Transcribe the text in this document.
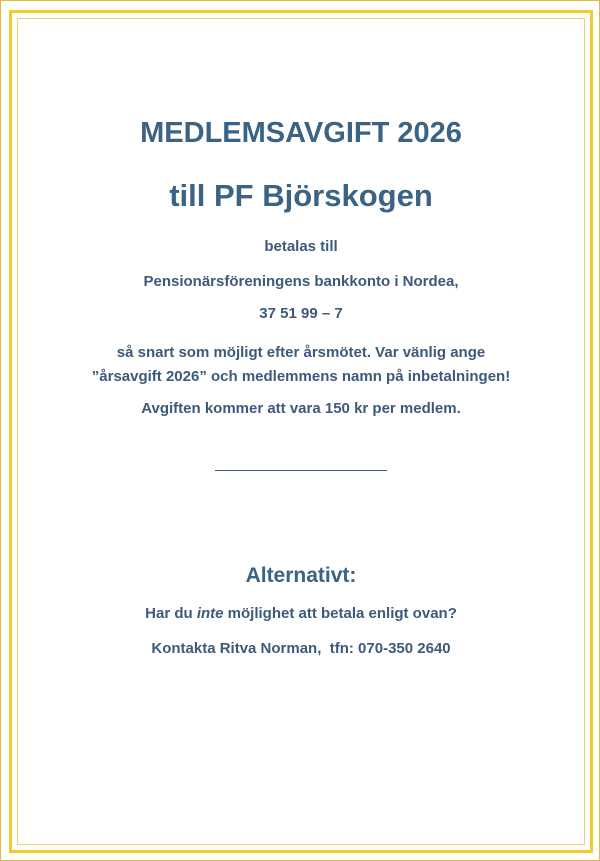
MEDLEMSAVGIFT 2026
till PF Björskogen
betalas till
Pensionärsföreningens bankkonto i Nordea,
37 51 99 – 7
så snart som möjligt efter årsmötet. Var vänlig ange
”årsavgift 2026” och medlemmens namn på inbetalningen!
Avgiften kommer att vara 150 kr per medlem.
Alternativt:
Har du inte möjlighet att betala enligt ovan?
Kontakta Ritva Norman,  tfn: 070-350 2640
